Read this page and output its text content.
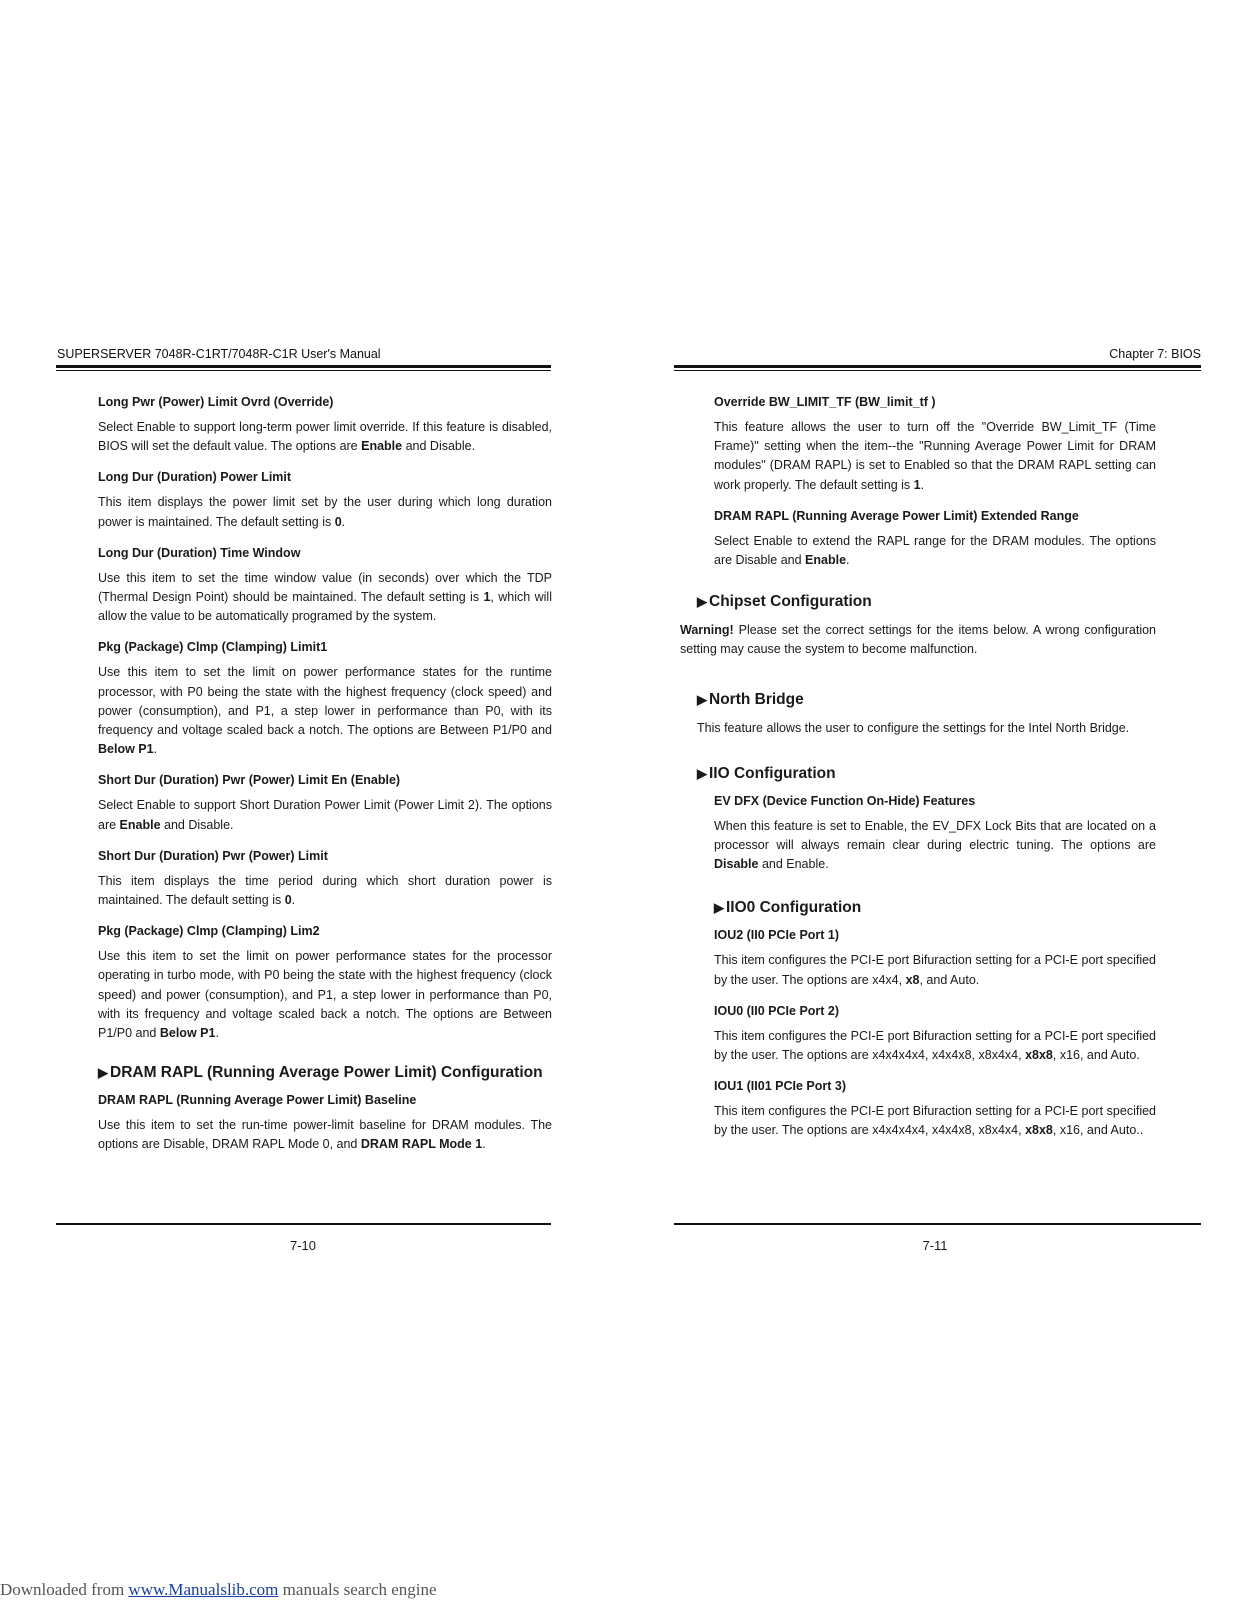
SUPERSERVER 7048R-C1RT/7048R-C1R User's Manual
Long Pwr (Power) Limit Ovrd (Override)

Select Enable to support long-term power limit override. If this feature is disabled, BIOS will set the default value. The options are Enable and Disable.

Long Dur (Duration) Power Limit

This item displays the power limit set by the user during which long duration power is maintained. The default setting is 0.

Long Dur (Duration) Time Window

Use this item to set the time window value (in seconds) over which the TDP (Thermal Design Point) should be maintained. The default setting is 1, which will allow the value to be automatically programed by the system.

Pkg (Package) Clmp (Clamping) Limit1

Use this item to set the limit on power performance states for the runtime processor, with P0 being the state with the highest frequency (clock speed) and power (consumption), and P1, a step lower in performance than P0, with its frequency and voltage scaled back a notch. The options are Between P1/P0 and Below P1.

Short Dur (Duration) Pwr (Power) Limit En (Enable)

Select Enable to support Short Duration Power Limit (Power Limit 2). The options are Enable and Disable.

Short Dur (Duration) Pwr (Power) Limit

This item displays the time period during which short duration power is maintained. The default setting is 0.

Pkg (Package) Clmp (Clamping) Lim2

Use this item to set the limit on power performance states for the processor operating in turbo mode, with P0 being the state with the highest frequency (clock speed) and power (consumption), and P1, a step lower in performance than P0, with its frequency and voltage scaled back a notch. The options are Between P1/P0 and Below P1.

▶ DRAM RAPL (Running Average Power Limit) Configuration
DRAM RAPL (Running Average Power Limit) Baseline

Use this item to set the run-time power-limit baseline for DRAM modules. The options are Disable, DRAM RAPL Mode 0, and DRAM RAPL Mode 1.

7-10
Chapter 7: BIOS
Override BW_LIMIT_TF (BW_limit_tf )

This feature allows the user to turn off the "Override BW_Limit_TF (Time Frame)" setting when the item--the "Running Average Power Limit for DRAM modules" (DRAM RAPL) is set to Enabled so that the DRAM RAPL setting can work properly. The default setting is 1.

DRAM RAPL (Running Average Power Limit) Extended Range

Select Enable to extend the RAPL range for the DRAM modules. The options are Disable and Enable.

▶ Chipset Configuration

Warning! Please set the correct settings for the items below. A wrong configuration setting may cause the system to become malfunction.

▶ North Bridge

This feature allows the user to configure the settings for the Intel North Bridge.

▶ IIO Configuration
EV DFX (Device Function On-Hide) Features

When this feature is set to Enable, the EV_DFX Lock Bits that are located on a processor will always remain clear during electric tuning. The options are Disable and Enable.

▶ IIO0 Configuration
IOU2 (II0 PCIe Port 1)

This item configures the PCI-E port Bifuraction setting for a PCI-E port specified by the user. The options are x4x4, x8, and Auto.

IOU0 (II0 PCIe Port 2)

This item configures the PCI-E port Bifuraction setting for a PCI-E port specified by the user. The options are x4x4x4x4, x4x4x8, x8x4x4, x8x8, x16, and Auto.

IOU1 (II01 PCIe Port 3)

This item configures the PCI-E port Bifuraction setting for a PCI-E port specified by the user. The options are x4x4x4x4, x4x4x8, x8x4x4, x8x8, x16, and Auto..

7-11
Downloaded from www.Manualslib.com manuals search engine
